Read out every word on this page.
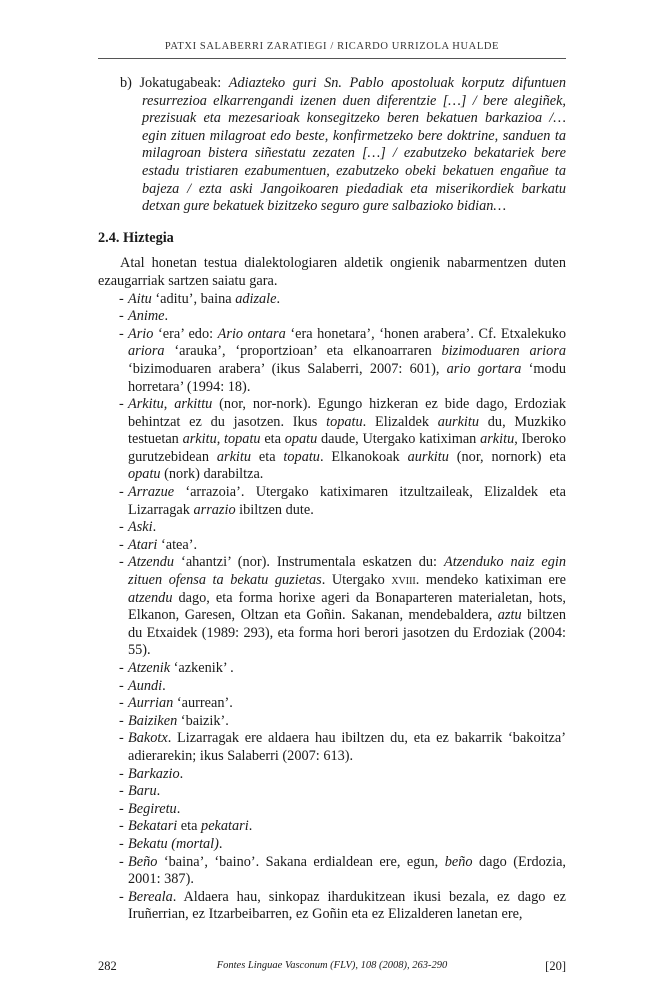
PATXI SALABERRI ZARATIEGI / RICARDO URRIZOLA HUALDE

b) Jokatugabeak: Adiazteko guri Sn. Pablo apostoluak korputz difuntuen resurrezioa elkarrengandi izenen duen diferentzie […] / bere alegiñek, prezisuak eta mezesarioak konsegitzeko beren bekatuen barkazioa /… egin zituen milagroat edo beste, konfirmetzeko bere doktrine, sanduen ta milagroan bistera siñestatu zezaten […] / ezabutzeko bekatariek bere estadu tristiaren ezabumentuen, ezabutzeko obeki bekatuen engañue ta bajeza / ezta aski Jangoikoaren piedadiak eta miserikordiek barkatu detxan gure bekatuek bizitzeko seguro gure salbazioko bidian…

2.4. Hiztegia

Atal honetan testua dialektologiaren aldetik ongienik nabarmentzen duten ezaugarriak sartzen saiatu gara.

- Aitu ‘aditu’, baina adizale.
- Anime.
- Ario ‘era’ edo: Ario ontara ‘era honetara’, ‘honen arabera’. Cf. Etxalekuko ariora ‘arauka’, ‘proportzioan’ eta elkanoarraren bizimoduaren ariora ‘bizimoduaren arabera’ (ikus Salaberri, 2007: 601), ario gortara ‘modu horretara’ (1994: 18).
- Arkitu, arkittu (nor, nor-nork). Egungo hizkeran ez bide dago, Erdoziak behintzat ez du jasotzen. Ikus topatu. Elizaldek aurkitu du, Muzkiko testuetan arkitu, topatu eta opatu daude, Utergako katiximan arkitu, Iberoko gurutzebidean arkitu eta topatu. Elkanokoak aurkitu (nor, nornork) eta opatu (nork) darabiltza.
- Arrazue ‘arrazoia’. Utergako katiximaren itzultzaileak, Elizaldek eta Lizarragak arrazio ibiltzen dute.
- Aski.
- Atari ‘atea’.
- Atzendu ‘ahantzi’ (nor). Instrumentala eskatzen du: Atzenduko naiz egin zituen ofensa ta bekatu guzietas. Utergako xviii. mendeko katiximan ere atzendu dago, eta forma horixe ageri da Bonaparteren materialetan, hots, Elkanon, Garesen, Oltzan eta Goñin. Sakanan, mendebaldera, aztu biltzen du Etxaidek (1989: 293), eta forma hori berori jasotzen du Erdoziak (2004: 55).
- Atzenik ‘azkenik’ .
- Aundi.
- Aurrian ‘aurrean’.
- Baiziken ‘baizik’.
- Bakotx. Lizarragak ere aldaera hau ibiltzen du, eta ez bakarrik ‘bakoitza’ adierarekin; ikus Salaberri (2007: 613).
- Barkazio.
- Baru.
- Begiretu.
- Bekatari eta pekatari.
- Bekatu (mortal).
- Beño ‘baina’, ‘baino’. Sakana erdialdean ere, egun, beño dago (Erdozia, 2001: 387).
- Bereala. Aldaera hau, sinkopaz ihardukitzean ikusi bezala, ez dago ez Iruñerrian, ez Itzarbeibarren, ez Goñin eta ez Elizalderen lanetan ere,
282	Fontes Linguae Vasconum (FLV), 108 (2008), 263-290	[20]
